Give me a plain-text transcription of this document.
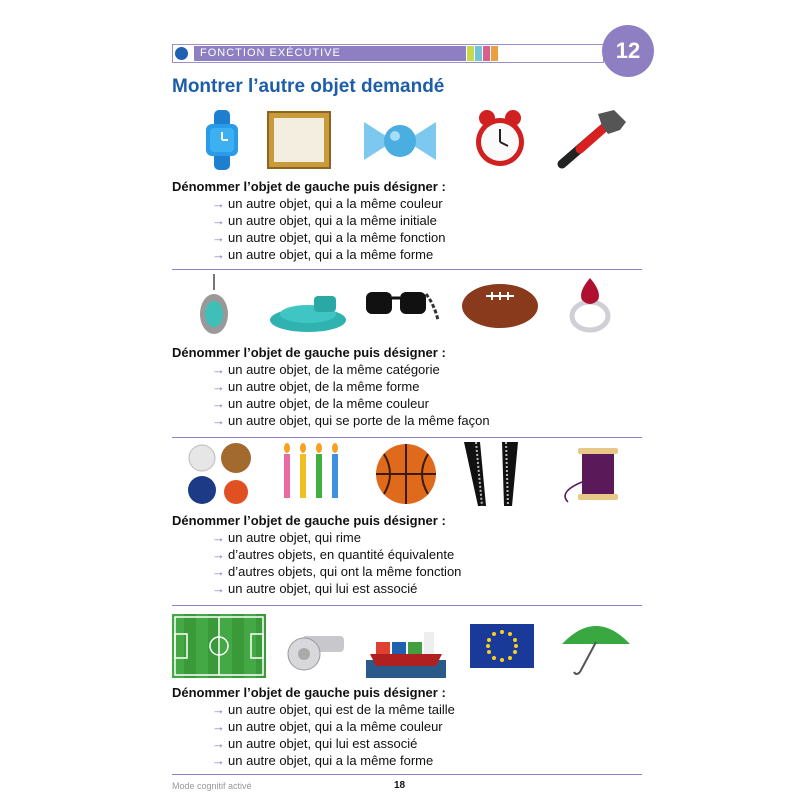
FONCTION EXÉCUTIVE	12
Montrer l’autre objet demandé
Dénommer l’objet de gauche puis désigner :
→ un autre objet, qui a la même couleur
→ un autre objet, qui a la même initiale
→ un autre objet, qui a la même fonction
→ un autre objet, qui a la même forme
Dénommer l’objet de gauche puis désigner :
→ un autre objet, de la même catégorie
→ un autre objet, de la même forme
→ un autre objet, de la même couleur
→ un autre objet, qui se porte de la même façon
Dénommer l’objet de gauche puis désigner :
→ un autre objet, qui rime
→ d’autres objets, en quantité équivalente
→ d’autres objets, qui ont la même fonction
→ un autre objet, qui lui est associé
Dénommer l’objet de gauche puis désigner :
→ un autre objet, qui est de la même taille
→ un autre objet, qui a la même couleur
→ un autre objet, qui lui est associé
→ un autre objet, qui a la même forme
Mode cognitif activé	18
